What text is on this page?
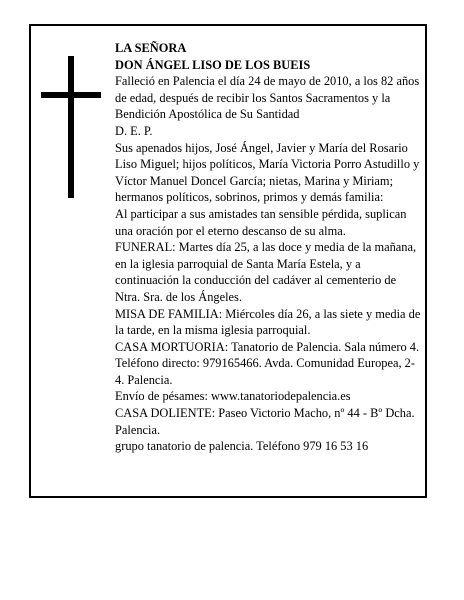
LA SEÑORA

DON ÁNGEL LISO DE LOS BUEIS

Falleció en Palencia el día 24 de mayo de 2010, a los 82 años de edad, después de recibir los Santos Sacramentos y la Bendición Apostólica de Su Santidad

D. E. P.

Sus apenados hijos, José Ángel, Javier y María del Rosario Liso Miguel; hijos políticos, María Victoria Porro Astudillo y Víctor Manuel Doncel García; nietas, Marina y Miriam; hermanos políticos, sobrinos, primos y demás familia:

Al participar a sus amistades tan sensible pérdida, suplican una oración por el eterno descanso de su alma.

FUNERAL: Martes día 25, a las doce y media de la mañana, en la iglesia parroquial de Santa María Estela, y a continuación la conducción del cadáver al cementerio de Ntra. Sra. de los Ángeles.

MISA DE FAMILIA: Miércoles día 26, a las siete y media de la tarde, en la misma iglesia parroquial.

CASA MORTUORIA: Tanatorio de Palencia. Sala número 4. Teléfono directo: 979165466. Avda. Comunidad Europea, 2-4. Palencia.

Envío de pésames: www.tanatoriodepalencia.es

CASA DOLIENTE: Paseo Victorio Macho, nº 44 - Bº Dcha. Palencia.

grupo tanatorio de palencia. Teléfono 979 16 53 16
